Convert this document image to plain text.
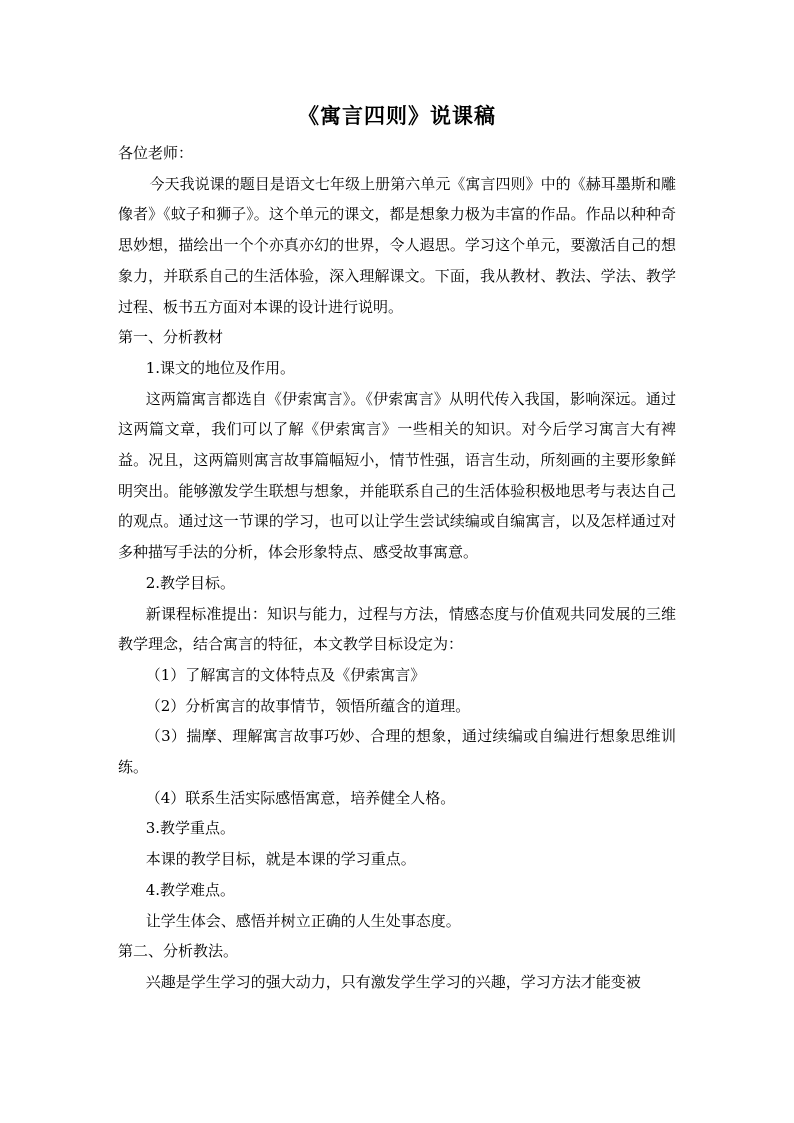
《寓言四则》说课稿

各位老师：

今天我说课的题目是语文七年级上册第六单元《寓言四则》中的《赫耳墨斯和雕像者》《蚊子和狮子》。这个单元的课文，都是想象力极为丰富的作品。作品以种种奇思妙想，描绘出一个个亦真亦幻的世界，令人遐思。学习这个单元，要激活自己的想象力，并联系自己的生活体验，深入理解课文。下面，我从教材、教法、学法、教学过程、板书五方面对本课的设计进行说明。

第一、分析教材

1.课文的地位及作用。

这两篇寓言都选自《伊索寓言》。《伊索寓言》从明代传入我国，影响深远。通过这两篇文章，我们可以了解《伊索寓言》一些相关的知识。对今后学习寓言大有裨益。况且，这两篇则寓言故事篇幅短小，情节性强，语言生动，所刻画的主要形象鲜明突出。能够激发学生联想与想象，并能联系自己的生活体验积极地思考与表达自己的观点。通过这一节课的学习，也可以让学生尝试续编或自编寓言，以及怎样通过对多种描写手法的分析，体会形象特点、感受故事寓意。

2.教学目标。

新课程标准提出：知识与能力，过程与方法，情感态度与价值观共同发展的三维教学理念，结合寓言的特征，本文教学目标设定为：

（1）了解寓言的文体特点及《伊索寓言》

（2）分析寓言的故事情节，领悟所蕴含的道理。

（3）揣摩、理解寓言故事巧妙、合理的想象，通过续编或自编进行想象思维训练。

（4）联系生活实际感悟寓意，培养健全人格。

3.教学重点。

本课的教学目标，就是本课的学习重点。

4.教学难点。

让学生体会、感悟并树立正确的人生处事态度。

第二、分析教法。

兴趣是学生学习的强大动力，只有激发学生学习的兴趣，学习方法才能变被
